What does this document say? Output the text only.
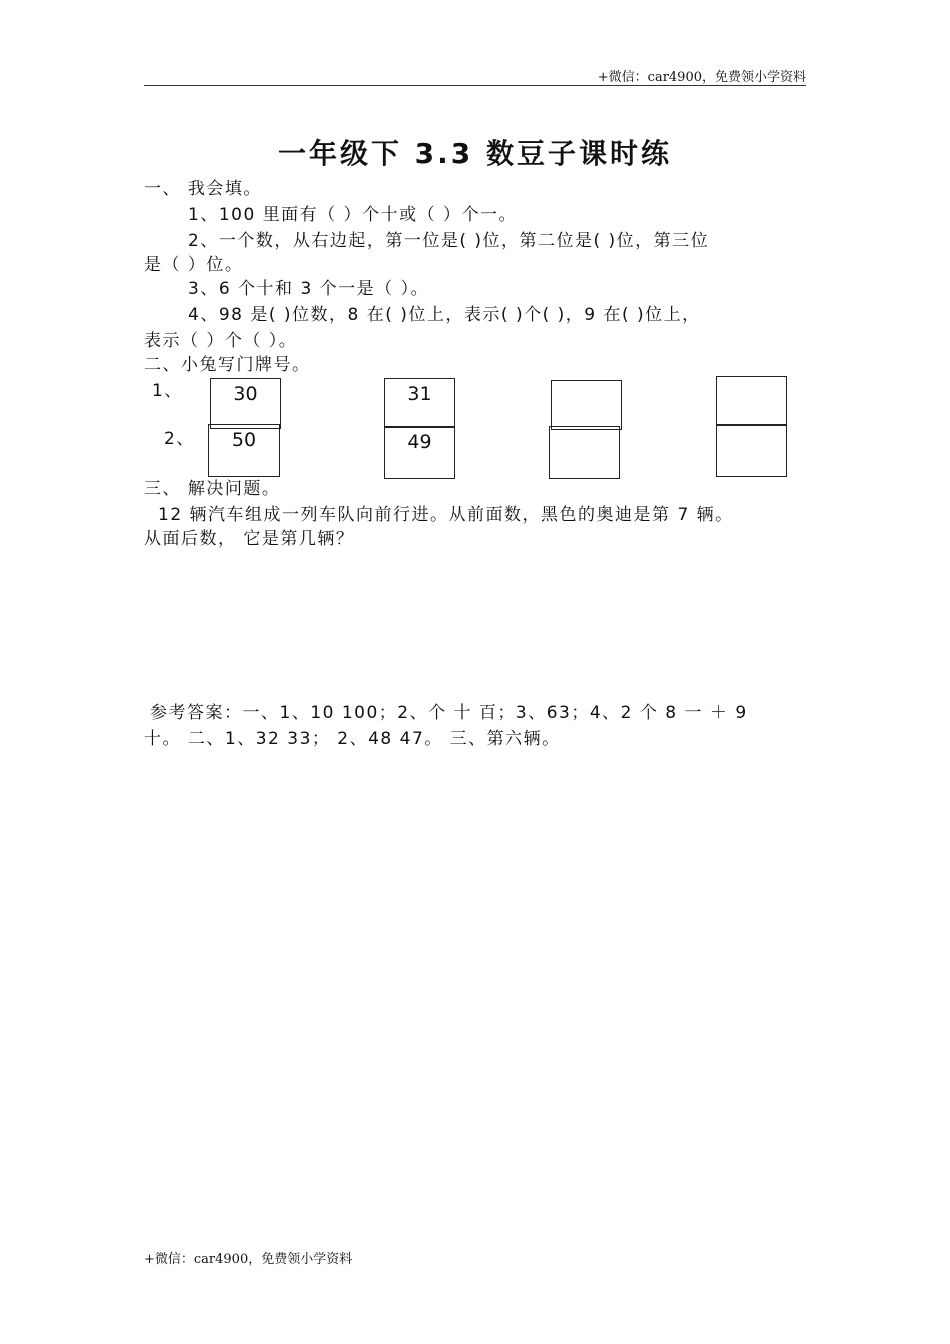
+微信：car4900，免费领小学资料
一年级下 3.3 数豆子课时练
一、 我会填。
1、100 里面有（ ）个十或（ ）个一。
2、一个数，从右边起，第一位是( )位，第二位是( )位，第三位
是（ ）位。
3、6 个十和 3 个一是（ ）。
4、98 是( )位数，8 在( )位上，表示( )个( )，9 在( )位上，
表示（ ）个（ ）。
二、小兔写门牌号。
1、
2、
30	31
50	49
三、 解决问题。
12 辆汽车组成一列车队向前行进。从前面数，黑色的奥迪是第 7 辆。
从面后数， 它是第几辆？
参考答案：一、1、10 100；2、个 十 百；3、63；4、2 个 8 一 ＋ 9
十。 二、1、32 33； 2、48 47。 三、第六辆。
+微信：car4900，免费领小学资料
